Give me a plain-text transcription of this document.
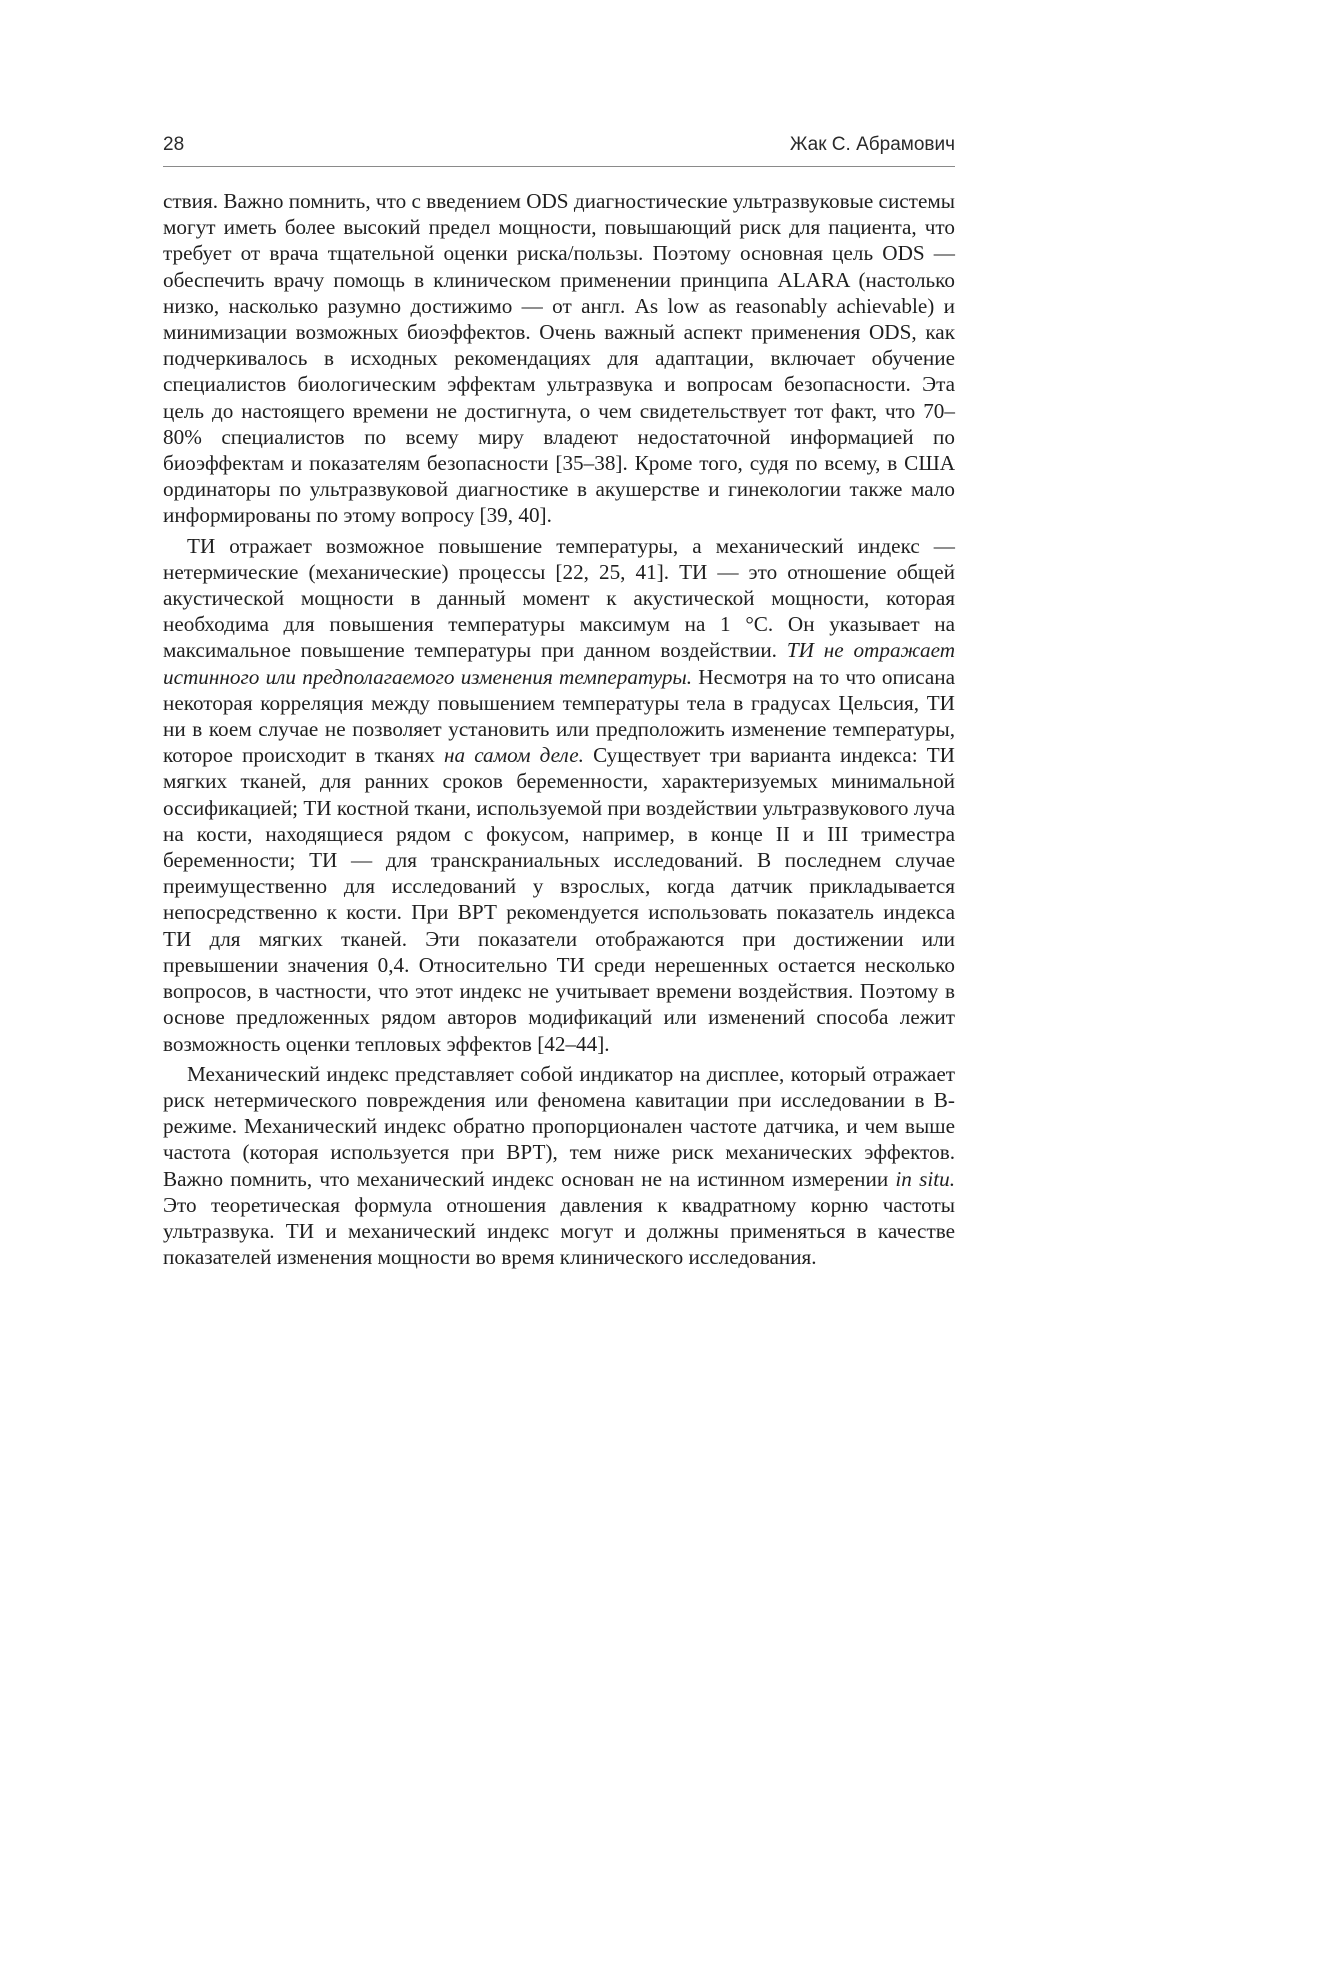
28	Жак С. Абрамович

ствия. Важно помнить, что с введением ODS диагностические ультразвуковые системы могут иметь более высокий предел мощности, повышающий риск для пациента, что требует от врача тщательной оценки риска/пользы. Поэтому основная цель ODS — обеспечить врачу помощь в клиническом применении принципа ALARA (настолько низко, насколько разумно достижимо — от англ. As low as reasonably achievable) и минимизации возможных биоэффектов. Очень важный аспект применения ODS, как подчеркивалось в исходных рекомендациях для адаптации, включает обучение специалистов биологическим эффектам ультразвука и вопросам безопасности. Эта цель до настоящего времени не достигнута, о чем свидетельствует тот факт, что 70–80% специалистов по всему миру владеют недостаточной информацией по биоэффектам и показателям безопасности [35–38]. Кроме того, судя по всему, в США ординаторы по ультразвуковой диагностике в акушерстве и гинекологии также мало информированы по этому вопросу [39, 40].

ТИ отражает возможное повышение температуры, а механический индекс — нетермические (механические) процессы [22, 25, 41]. ТИ — это отношение общей акустической мощности в данный момент к акустической мощности, которая необходима для повышения температуры максимум на 1 °С. Он указывает на максимальное повышение температуры при данном воздействии. ТИ не отражает истинного или предполагаемого изменения температуры. Несмотря на то что описана некоторая корреляция между повышением температуры тела в градусах Цельсия, ТИ ни в коем случае не позволяет установить или предположить изменение температуры, которое происходит в тканях на самом деле. Существует три варианта индекса: ТИ мягких тканей, для ранних сроков беременности, характеризуемых минимальной оссификацией; ТИ костной ткани, используемой при воздействии ультразвукового луча на кости, находящиеся рядом с фокусом, например, в конце II и III триместра беременности; ТИ — для транскраниальных исследований. В последнем случае преимущественно для исследований у взрослых, когда датчик прикладывается непосредственно к кости. При ВРТ рекомендуется использовать показатель индекса ТИ для мягких тканей. Эти показатели отображаются при достижении или превышении значения 0,4. Относительно ТИ среди нерешенных остается несколько вопросов, в частности, что этот индекс не учитывает времени воздействия. Поэтому в основе предложенных рядом авторов модификаций или изменений способа лежит возможность оценки тепловых эффектов [42–44].

Механический индекс представляет собой индикатор на дисплее, который отражает риск нетермического повреждения или феномена кавитации при исследовании в В-режиме. Механический индекс обратно пропорционален частоте датчика, и чем выше частота (которая используется при ВРТ), тем ниже риск механических эффектов. Важно помнить, что механический индекс основан не на истинном измерении in situ. Это теоретическая формула отношения давления к квадратному корню частоты ультразвука. ТИ и механический индекс могут и должны применяться в качестве показателей изменения мощности во время клинического исследования.
